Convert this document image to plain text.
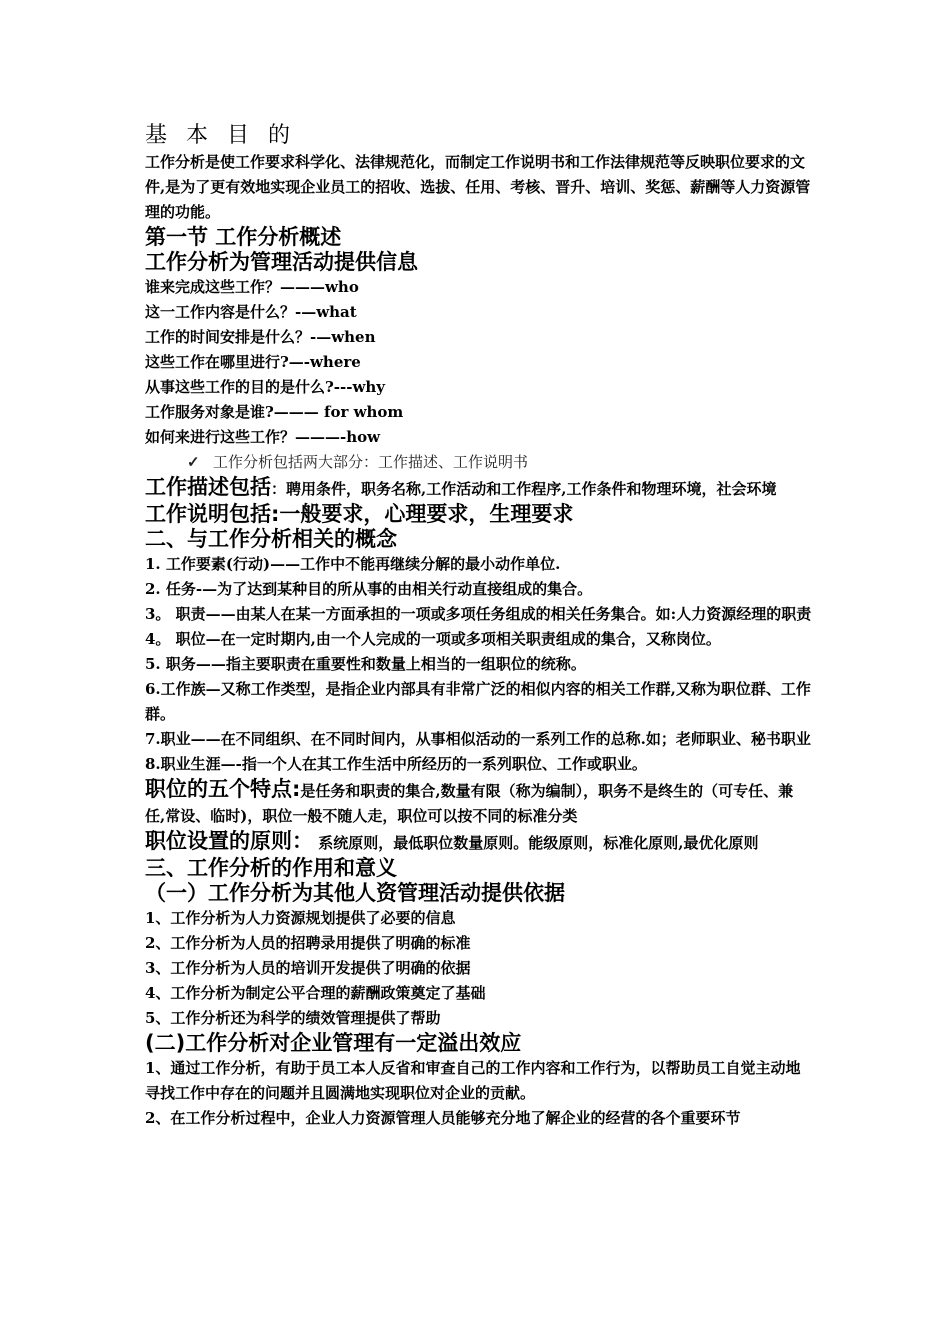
基 本 目 的

工作分析是使工作要求科学化、法律规范化，而制定工作说明书和工作法律规范等反映职位要求的文件,是为了更有效地实现企业员工的招收、选拔、任用、考核、晋升、培训、奖惩、薪酬等人力资源管理的功能。

第一节 工作分析概述

工作分析为管理活动提供信息

谁来完成这些工作？———who

这一工作内容是什么？-—what

工作的时间安排是什么？-—when

这些工作在哪里进行?—-where

从事这些工作的目的是什么?---why

工作服务对象是谁?——— for whom

如何来进行这些工作？———-how

✓ 工作分析包括两大部分：工作描述、工作说明书

工作描述包括：聘用条件，职务名称,工作活动和工作程序,工作条件和物理环境，社会环境

工作说明包括:一般要求，心理要求，生理要求

二、与工作分析相关的概念

1. 工作要素(行动)——工作中不能再继续分解的最小动作单位.

2. 任务-—为了达到某种目的所从事的由相关行动直接组成的集合。

3。 职责——由某人在某一方面承担的一项或多项任务组成的相关任务集合。如:人力资源经理的职责

4。 职位—在一定时期内,由一个人完成的一项或多项相关职责组成的集合，又称岗位。

5. 职务——指主要职责在重要性和数量上相当的一组职位的统称。

6.工作族—又称工作类型，是指企业内部具有非常广泛的相似内容的相关工作群,又称为职位群、工作群。

7.职业——在不同组织、在不同时间内，从事相似活动的一系列工作的总称.如；老师职业、秘书职业

8.职业生涯—-指一个人在其工作生活中所经历的一系列职位、工作或职业。

职位的五个特点:是任务和职责的集合,数量有限（称为编制），职务不是终生的（可专任、兼任,常设、临时)，职位一般不随人走，职位可以按不同的标准分类

职位设置的原则： 系统原则，最低职位数量原则。能级原则，标准化原则,最优化原则

三、工作分析的作用和意义

（一）工作分析为其他人资管理活动提供依据

1、工作分析为人力资源规划提供了必要的信息

2、工作分析为人员的招聘录用提供了明确的标准

3、工作分析为人员的培训开发提供了明确的依据

4、工作分析为制定公平合理的薪酬政策奠定了基础

5、工作分析还为科学的绩效管理提供了帮助

(二)工作分析对企业管理有一定溢出效应

1、通过工作分析，有助于员工本人反省和审查自己的工作内容和工作行为，以帮助员工自觉主动地寻找工作中存在的问题并且圆满地实现职位对企业的贡献。

2、在工作分析过程中，企业人力资源管理人员能够充分地了解企业的经营的各个重要环节
